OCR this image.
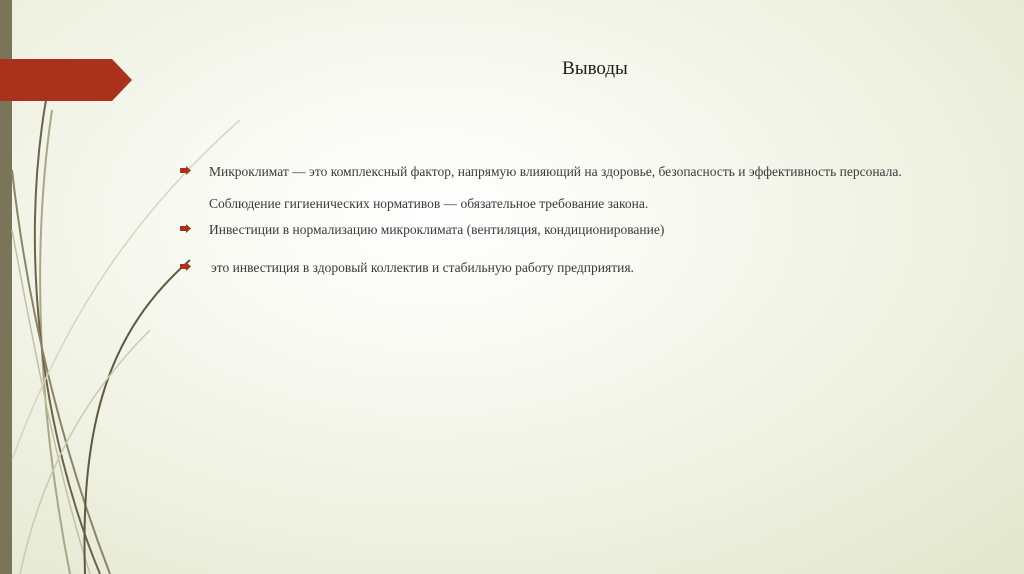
Выводы
Микроклимат — это комплексный фактор, напрямую влияющий на здоровье, безопасность и эффективность персонала.
Соблюдение гигиенических нормативов — обязательное требование закона.
Инвестиции в нормализацию микроклимата (вентиляция, кондиционирование)
это инвестиция в здоровый коллектив и стабильную работу предприятия.
